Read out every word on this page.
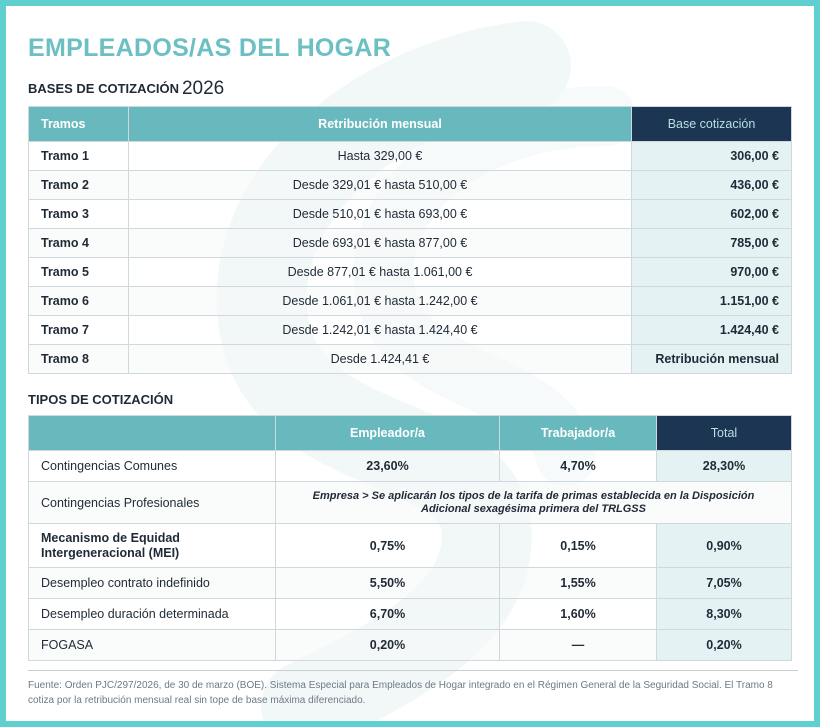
EMPLEADOS/AS DEL HOGAR
BASES DE COTIZACIÓN 2026
Tramos	Retribución mensual	Base cotización
Tramo 1	Hasta 329,00 €	306,00 €
Tramo 2	Desde 329,01 € hasta 510,00 €	436,00 €
Tramo 3	Desde 510,01 € hasta 693,00 €	602,00 €
Tramo 4	Desde 693,01 € hasta 877,00 €	785,00 €
Tramo 5	Desde 877,01 € hasta 1.061,00 €	970,00 €
Tramo 6	Desde 1.061,01 € hasta 1.242,00 €	1.151,00 €
Tramo 7	Desde 1.242,01 € hasta 1.424,40 €	1.424,40 €
Tramo 8	Desde 1.424,41 €	Retribución mensual
TIPOS DE COTIZACIÓN
	Empleador/a	Trabajador/a	Total
Contingencias Comunes	23,60%	4,70%	28,30%
Contingencias Profesionales	Empresa > Se aplicarán los tipos de la tarifa de primas establecida en la Disposición Adicional sexagésima primera del TRLGSS		
Mecanismo de Equidad Intergeneracional (MEI)	0,75%	0,15%	0,90%
Desempleo contrato indefinido	5,50%	1,55%	7,05%
Desempleo duración determinada	6,70%	1,60%	8,30%
FOGASA	0,20%	—	0,20%
Fuente: Orden PJC/297/2026, de 30 de marzo (BOE). Sistema Especial para Empleados de Hogar integrado en el Régimen General de la Seguridad Social. El Tramo 8 cotiza por la retribución mensual real sin tope de base máxima diferenciado.
